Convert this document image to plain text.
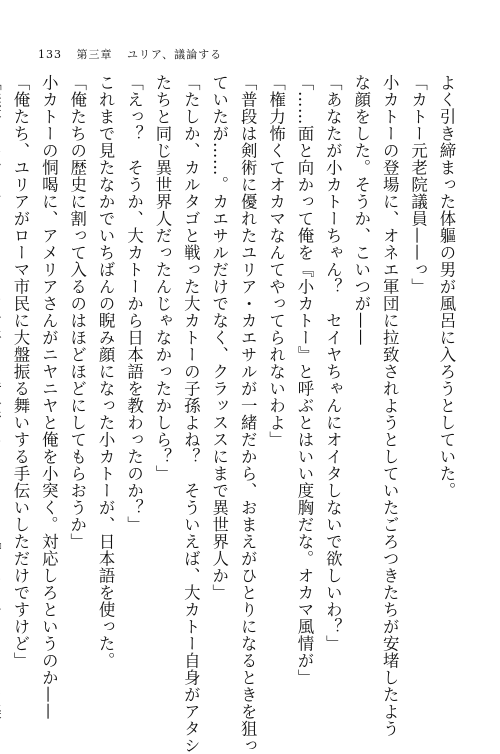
133 第三章 ユリア、議論する
よく引き締まった体軀の男が風呂に入ろうとしていた。
「カトー元老院議員——っ」
小カトーの登場に、オネエ軍団に拉致されようとしていたごろつきたちが安堵したよう
な顔をした。そうか、こいつが——
「あなたが小カトーちゃん？　セイヤちゃんにオイタしないで欲しいわ？」
「……面と向かって俺を『小カトー』と呼ぶとはいい度胸だな。オカマ風情が」
「権力怖くてオカマなんてやってられないわよ」
「普段は剣術に優れたユリア・カエサルが一緒だから、おまえがひとりになるときを狙っ
ていたが……。カエサルだけでなく、クラッススにまで異世界人か」
「たしか、カルタゴと戦った大カトーの子孫よね？　そういえば、大カトー自身がアタシ
たちと同じ異世界人だったんじゃなかったかしら？」
「えっ？　そうか、大カトーから日本語を教わったのか？」
これまで見たなかでいちばんの睨み顔になった小カトーが、日本語を使った。
「俺たちの歴史に割って入るのはほどほどにしてもらおうか」
小カトーの恫喝に、アメリアさんがニヤニヤと俺を小突く。対応しろというのか——
「俺たち、ユリアがローマ市民に大盤振る舞いする手伝いしただけですけど」
